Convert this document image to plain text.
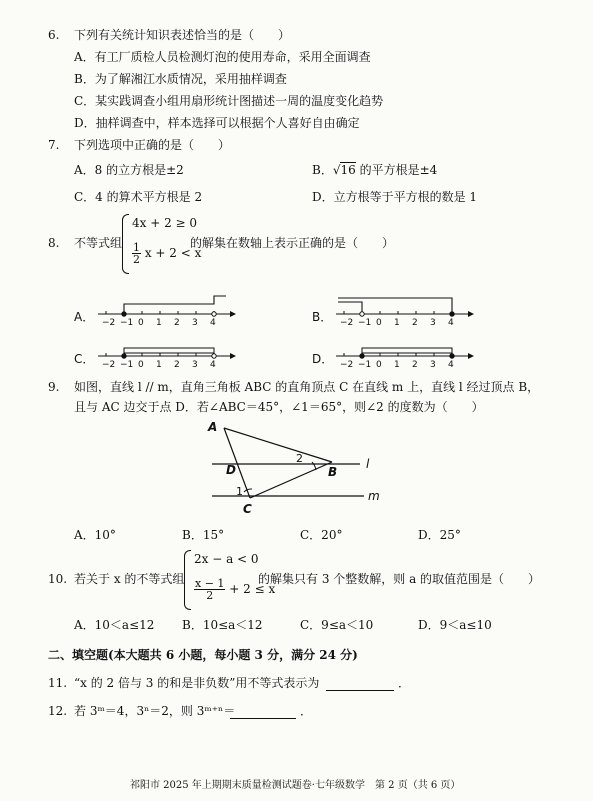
6. 下列有关统计知识表述恰当的是（　　）
A．有工厂质检人员检测灯泡的使用寿命，采用全面调查
B．为了解湘江水质情况，采用抽样调查
C．某实践调查小组用扇形统计图描述一周的温度变化趋势
D．抽样调查中，样本选择可以根据个人喜好自由确定
7. 下列选项中正确的是（　　）
A．8 的立方根是±2	B．√16 的平方根是±4
C．4 的算术平方根是 2	D．立方根等于平方根的数是 1
8. 不等式组
4x + 2 ≥ 0
$\frac{1}{2}$ x + 2 < x
的解集在数轴上表示正确的是（　　）
A． −2 −1 0 1 2 3 4	B． −2 −1 0 1 2 3 4
C． −2 −1 0 1 2 3 4	D． −2 −1 0 1 2 3 4
9. 如图，直线 l // m，直角三角板 ABC 的直角顶点 C 在直线 m 上，直线 l 经过顶点 B，
且与 AC 边交于点 D．若∠ABC＝45°，∠1＝65°，则∠2 的度数为（　　）
A
B
C
D	l
m
1
2
A．10°	B．15°	C．20°	D．25°
10. 若关于 x 的不等式组
2x − a < 0
$\frac{x - 1}{2} + 2 \le x$
的解集只有 3 个整数解，则 a 的取值范围是（　　）
A．10＜a≤12 B．10≤a＜12	C．9≤a＜10	D．9＜a≤10
二、填空题(本大题共 6 小题，每小题 3 分，满分 24 分)
11. “x 的 2 倍与 3 的和是非负数”用不等式表示为	．
12. 若 3ᵐ＝4，3ⁿ＝2，则 3ᵐ⁺ⁿ＝	．
祁阳市 2025 年上期期末质量检测试题卷·七年级数学　第 2 页（共 6 页）
